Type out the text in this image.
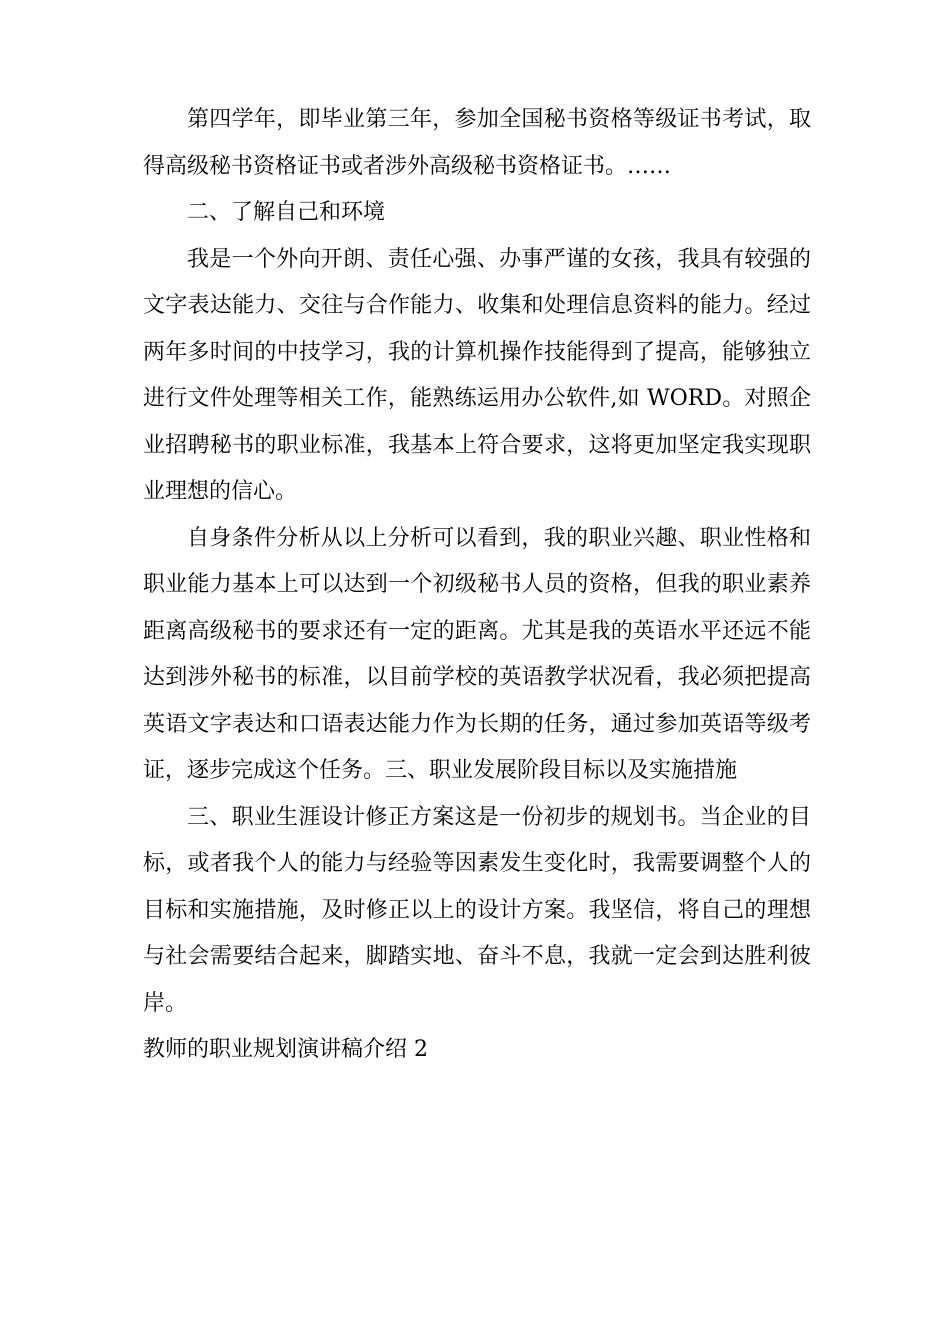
第四学年，即毕业第三年，参加全国秘书资格等级证书考试，取得高级秘书资格证书或者涉外高级秘书资格证书。……

二、了解自己和环境

我是一个外向开朗、责任心强、办事严谨的女孩，我具有较强的文字表达能力、交往与合作能力、收集和处理信息资料的能力。经过两年多时间的中技学习，我的计算机操作技能得到了提高，能够独立进行文件处理等相关工作，能熟练运用办公软件,如 WORD。对照企业招聘秘书的职业标准，我基本上符合要求，这将更加坚定我实现职业理想的信心。

自身条件分析从以上分析可以看到，我的职业兴趣、职业性格和职业能力基本上可以达到一个初级秘书人员的资格，但我的职业素养距离高级秘书的要求还有一定的距离。尤其是我的英语水平还远不能达到涉外秘书的标准，以目前学校的英语教学状况看，我必须把提高英语文字表达和口语表达能力作为长期的任务，通过参加英语等级考证，逐步完成这个任务。三、职业发展阶段目标以及实施措施

三、职业生涯设计修正方案这是一份初步的规划书。当企业的目标，或者我个人的能力与经验等因素发生变化时，我需要调整个人的目标和实施措施，及时修正以上的设计方案。我坚信，将自己的理想与社会需要结合起来，脚踏实地、奋斗不息，我就一定会到达胜利彼岸。

教师的职业规划演讲稿介绍 2
